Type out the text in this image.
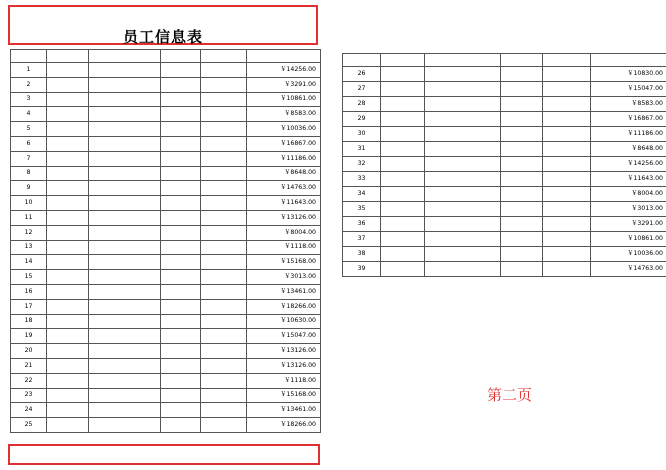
员工信息表

1					￥14256.00
2					￥3291.00
3					￥10861.00
4					￥8583.00
5					￥10036.00
6					￥16867.00
7					￥11186.00
8					￥8648.00
9					￥14763.00
10					￥11643.00
11					￥13126.00
12					￥8004.00
13					￥1118.00
14					￥15168.00
15					￥3013.00
16					￥13461.00
17					￥18266.00
18					￥10630.00
19					￥15047.00
20					￥13126.00
21					￥13126.00
22					￥1118.00
23					￥15168.00
24					￥13461.00
25					￥18266.00

26					￥10830.00
27					￥15047.00
28					￥8583.00
29					￥16867.00
30					￥11186.00
31					￥8648.00
32					￥14256.00
33					￥11643.00
34					￥8004.00
35					￥3013.00
36					￥3291.00
37					￥10861.00
38					￥10036.00
39					￥14763.00
第二页
